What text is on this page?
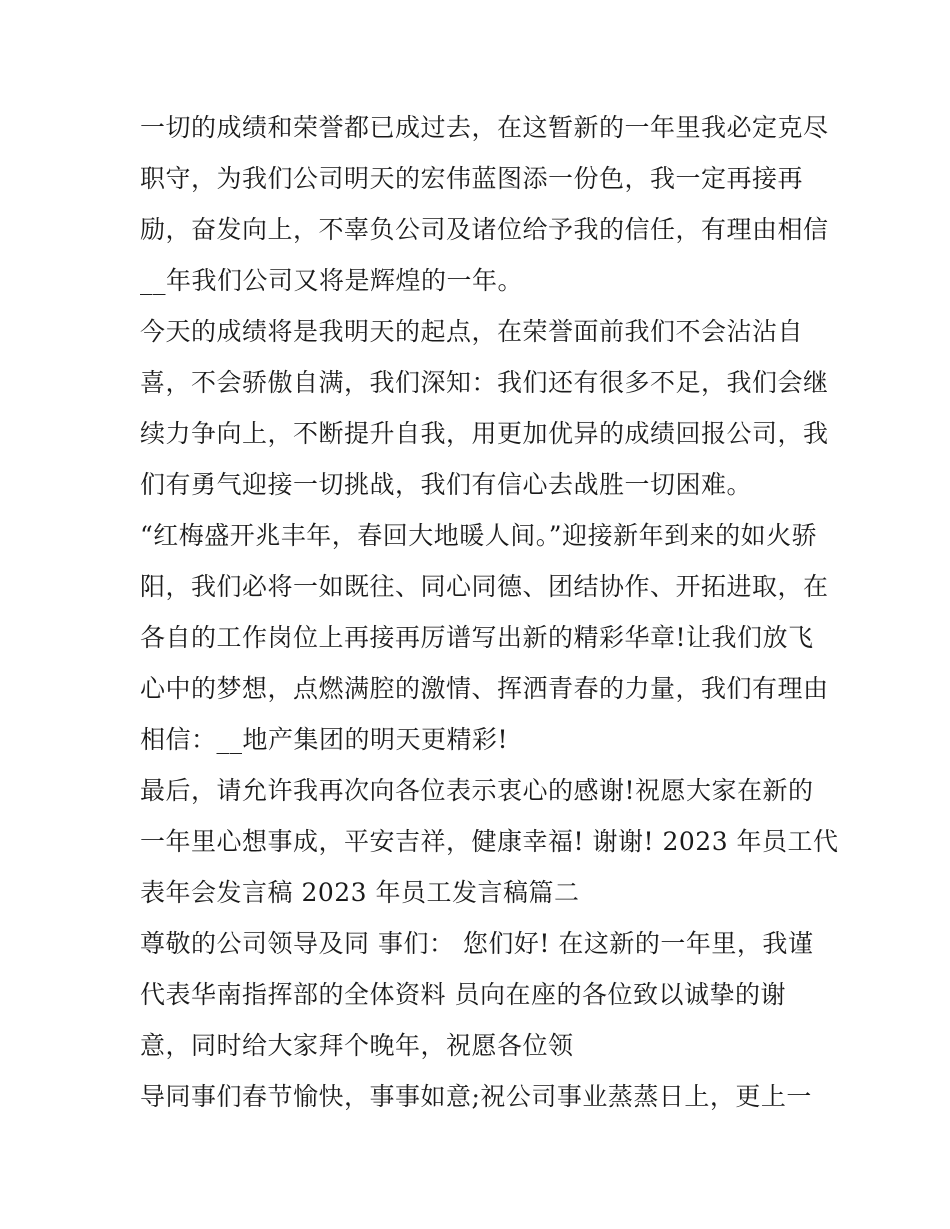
一切的成绩和荣誉都已成过去，在这暂新的一年里我必定克尽
职守，为我们公司明天的宏伟蓝图添一份色，我一定再接再
励，奋发向上，不辜负公司及诸位给予我的信任，有理由相信
__年我们公司又将是辉煌的一年。
今天的成绩将是我明天的起点，在荣誉面前我们不会沾沾自
喜，不会骄傲自满，我们深知：我们还有很多不足，我们会继
续力争向上，不断提升自我，用更加优异的成绩回报公司，我
们有勇气迎接一切挑战，我们有信心去战胜一切困难。
“红梅盛开兆丰年，春回大地暖人间。”迎接新年到来的如火骄
阳，我们必将一如既往、同心同德、团结协作、开拓进取，在
各自的工作岗位上再接再厉谱写出新的精彩华章!让我们放飞
心中的梦想，点燃满腔的激情、挥洒青春的力量，我们有理由
相信：__地产集团的明天更精彩!
最后，请允许我再次向各位表示衷心的感谢!祝愿大家在新的
一年里心想事成，平安吉祥，健康幸福! 谢谢! 2023 年员工代
表年会发言稿 2023 年员工发言稿篇二
尊敬的公司领导及同 事们： 您们好! 在这新的一年里，我谨
代表华南指挥部的全体资料 员向在座的各位致以诚挚的谢
意，同时给大家拜个晚年，祝愿各位领
导同事们春节愉快，事事如意;祝公司事业蒸蒸日上，更上一
